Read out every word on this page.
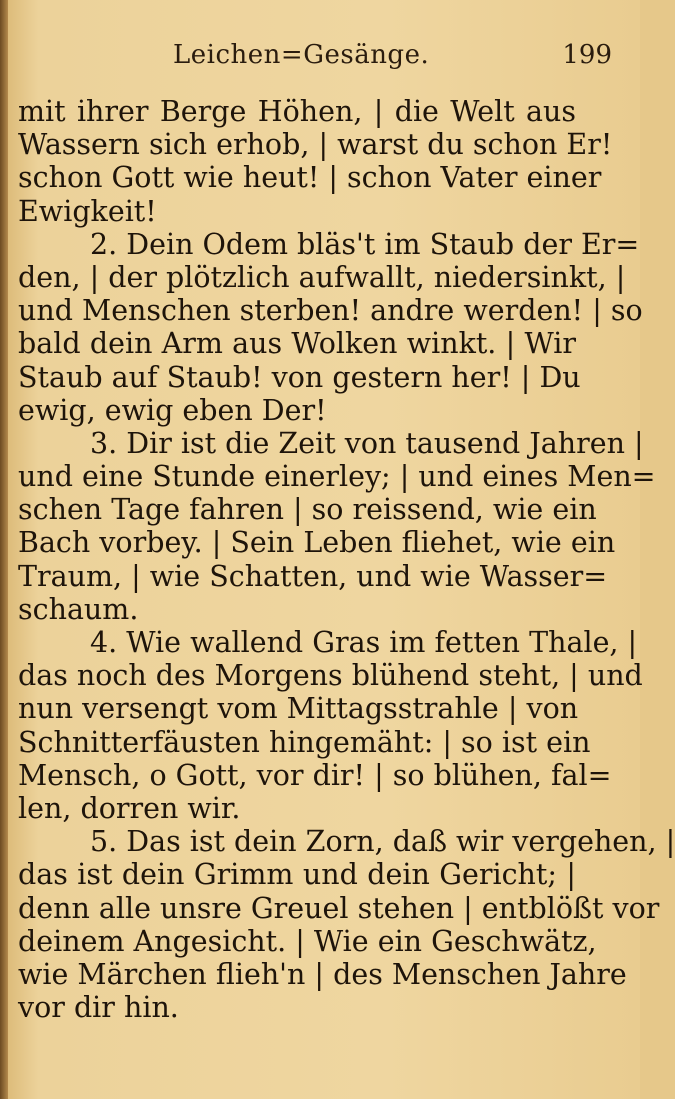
Leichen=Gesänge.	199
mit ihrer Berge Höhen, | die Welt aus
Wassern sich erhob, | warst du schon Er!
schon Gott wie heut! | schon Vater einer
Ewigkeit!
2. Dein Odem bläs't im Staub der Er=
den, | der plötzlich aufwallt, niedersinkt, |
und Menschen sterben! andre werden! | so
bald dein Arm aus Wolken winkt. | Wir
Staub auf Staub! von gestern her! | Du
ewig, ewig eben Der!
3. Dir ist die Zeit von tausend Jahren |
und eine Stunde einerley; | und eines Men=
schen Tage fahren | so reissend, wie ein
Bach vorbey. | Sein Leben fliehet, wie ein
Traum, | wie Schatten, und wie Wasser=
schaum.
4. Wie wallend Gras im fetten Thale, |
das noch des Morgens blühend steht, | und
nun versengt vom Mittagsstrahle | von
Schnitterfäusten hingemäht: | so ist ein
Mensch, o Gott, vor dir! | so blühen, fal=
len, dorren wir.
5. Das ist dein Zorn, daß wir vergehen, |
das ist dein Grimm und dein Gericht; |
denn alle unsre Greuel stehen | entblößt vor
deinem Angesicht. | Wie ein Geschwätz,
wie Märchen flieh'n | des Menschen Jahre
vor dir hin.
